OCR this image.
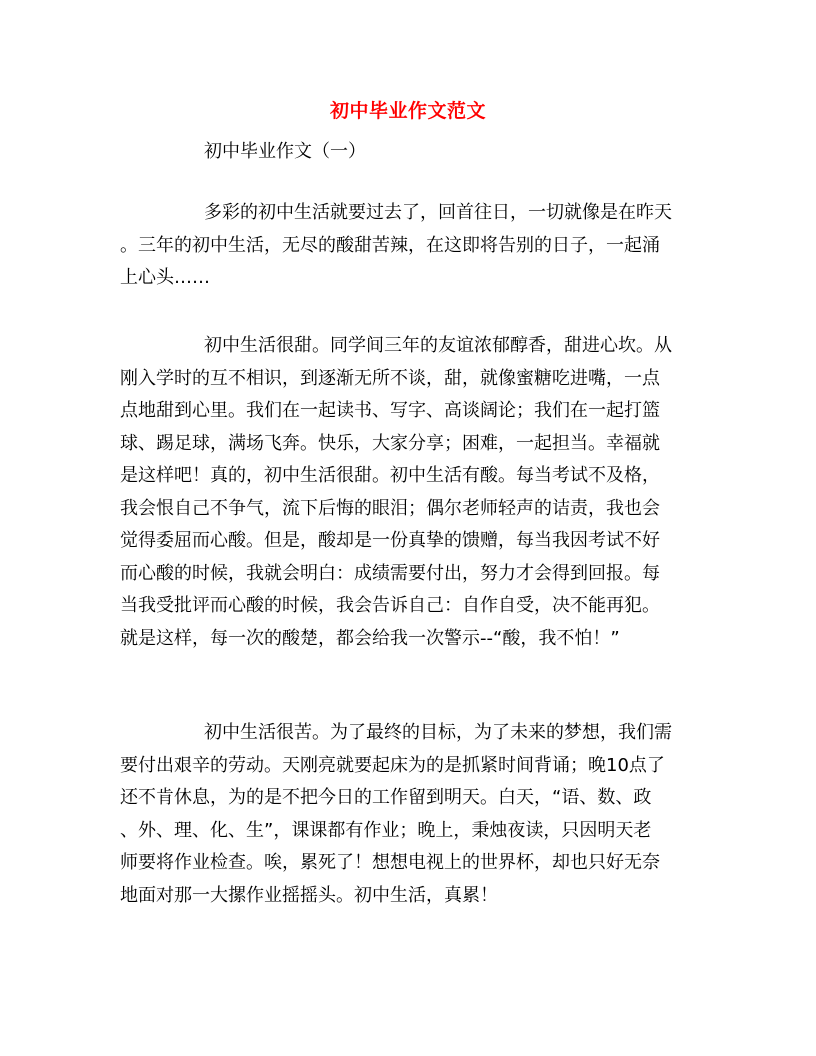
初中毕业作文范文
初中毕业作文（一）
多彩的初中生活就要过去了，回首往日，一切就像是在昨天
。三年的初中生活，无尽的酸甜苦辣，在这即将告别的日子，一起涌
上心头……
初中生活很甜。同学间三年的友谊浓郁醇香，甜进心坎。从
刚入学时的互不相识，到逐渐无所不谈，甜，就像蜜糖吃进嘴，一点
点地甜到心里。我们在一起读书、写字、高谈阔论；我们在一起打篮
球、踢足球，满场飞奔。快乐，大家分享；困难，一起担当。幸福就
是这样吧！真的，初中生活很甜。初中生活有酸。每当考试不及格，
我会恨自己不争气，流下后悔的眼泪；偶尔老师轻声的诘责，我也会
觉得委屈而心酸。但是，酸却是一份真挚的馈赠，每当我因考试不好
而心酸的时候，我就会明白：成绩需要付出，努力才会得到回报。每
当我受批评而心酸的时候，我会告诉自己：自作自受，决不能再犯。
就是这样，每一次的酸楚，都会给我一次警示--“酸，我不怕！”
初中生活很苦。为了最终的目标，为了未来的梦想，我们需
要付出艰辛的劳动。天刚亮就要起床为的是抓紧时间背诵；晚10点了
还不肯休息，为的是不把今日的工作留到明天。白天，“语、数、政
、外、理、化、生”，课课都有作业；晚上，秉烛夜读，只因明天老
师要将作业检查。唉，累死了！想想电视上的世界杯，却也只好无奈
地面对那一大摞作业摇摇头。初中生活，真累！
